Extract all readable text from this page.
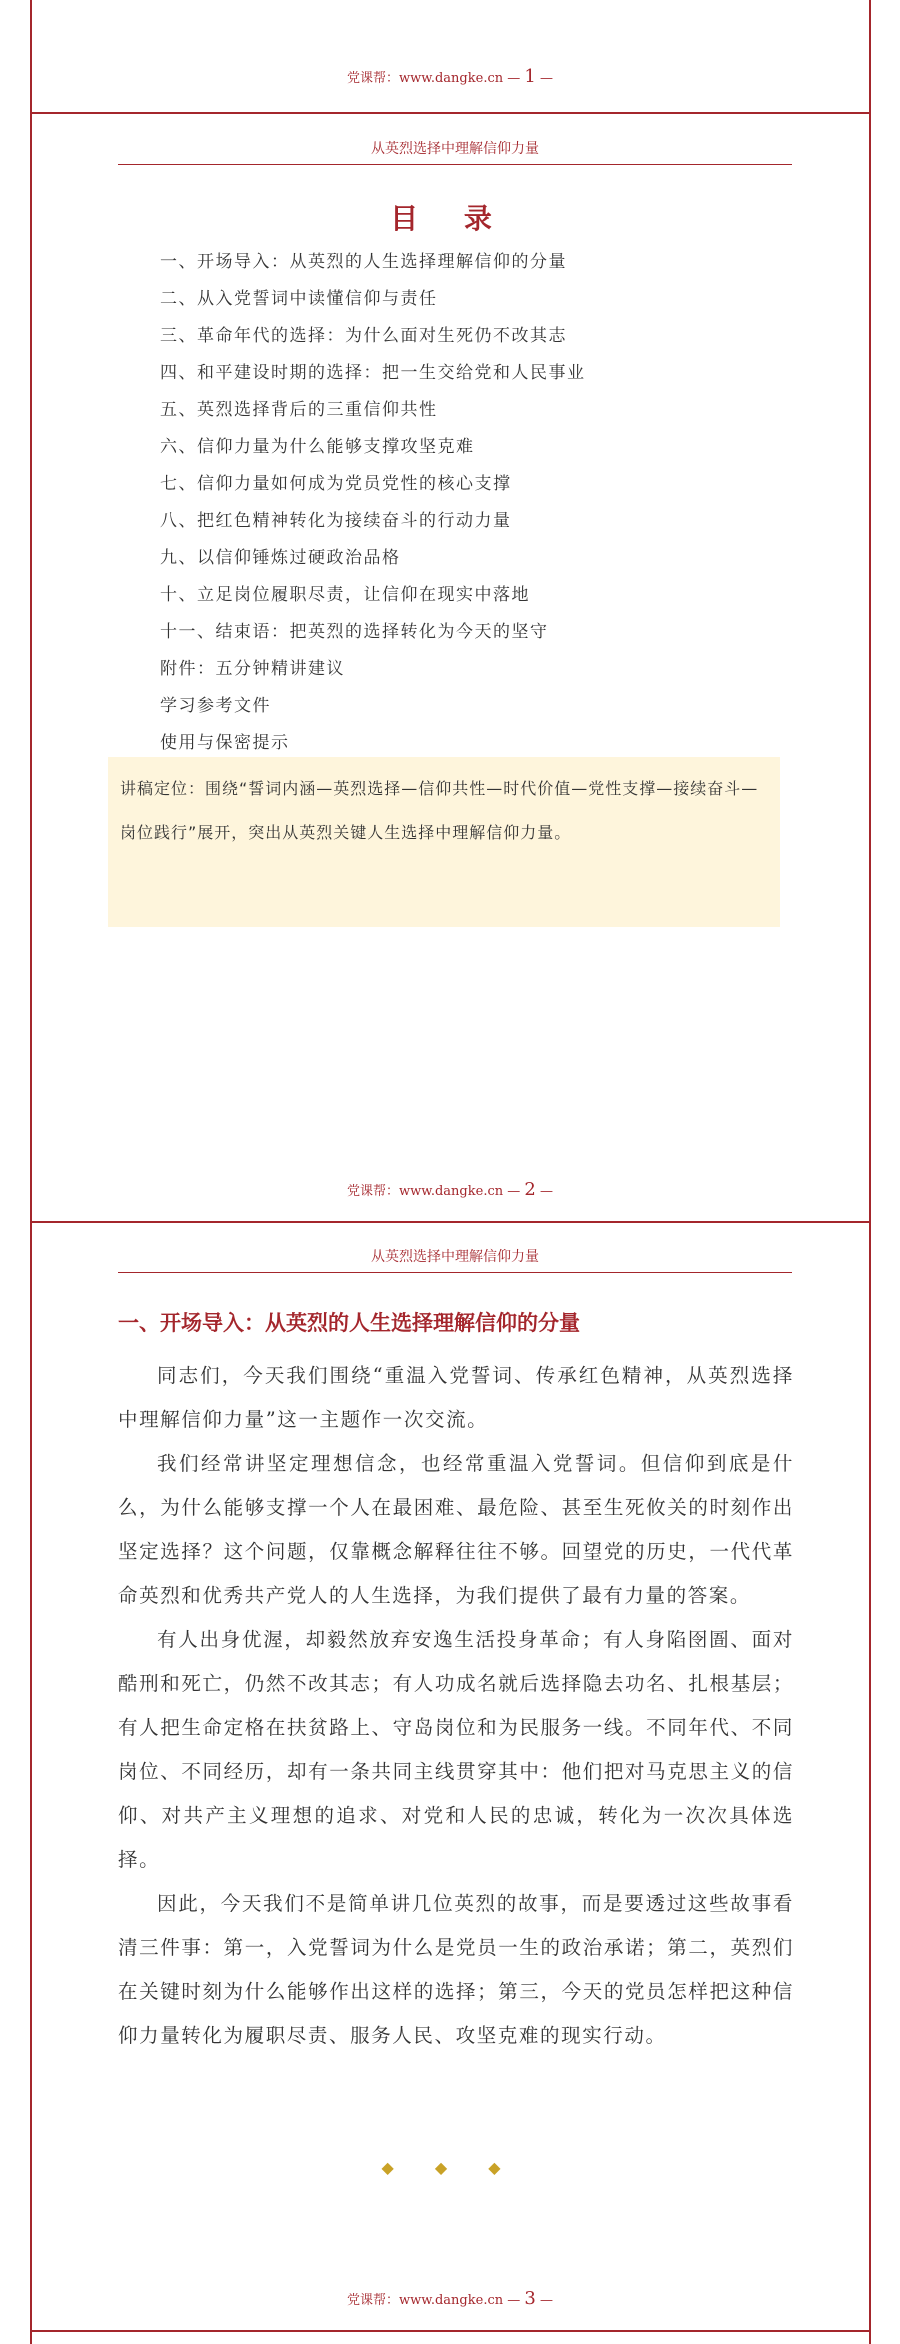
党课帮：www.dangke.cn — 1 —
从英烈选择中理解信仰力量
目 录
一、开场导入：从英烈的人生选择理解信仰的分量
二、从入党誓词中读懂信仰与责任
三、革命年代的选择：为什么面对生死仍不改其志
四、和平建设时期的选择：把一生交给党和人民事业
五、英烈选择背后的三重信仰共性
六、信仰力量为什么能够支撑攻坚克难
七、信仰力量如何成为党员党性的核心支撑
八、把红色精神转化为接续奋斗的行动力量
九、以信仰锤炼过硬政治品格
十、立足岗位履职尽责，让信仰在现实中落地
十一、结束语：把英烈的选择转化为今天的坚守
附件：五分钟精讲建议
学习参考文件
使用与保密提示
讲稿定位：围绕“誓词内涵—英烈选择—信仰共性—时代价值—党性支撑—接续奋斗—岗位践行”展开，突出从英烈关键人生选择中理解信仰力量。
党课帮：www.dangke.cn — 2 —
从英烈选择中理解信仰力量
一、开场导入：从英烈的人生选择理解信仰的分量

同志们，今天我们围绕“重温入党誓词、传承红色精神，从英烈选择中理解信仰力量”这一主题作一次交流。

我们经常讲坚定理想信念，也经常重温入党誓词。但信仰到底是什么，为什么能够支撑一个人在最困难、最危险、甚至生死攸关的时刻作出坚定选择？这个问题，仅靠概念解释往往不够。回望党的历史，一代代革命英烈和优秀共产党人的人生选择，为我们提供了最有力量的答案。

有人出身优渥，却毅然放弃安逸生活投身革命；有人身陷囹圄、面对酷刑和死亡，仍然不改其志；有人功成名就后选择隐去功名、扎根基层；有人把生命定格在扶贫路上、守岛岗位和为民服务一线。不同年代、不同岗位、不同经历，却有一条共同主线贯穿其中：他们把对马克思主义的信仰、对共产主义理想的追求、对党和人民的忠诚，转化为一次次具体选择。

因此，今天我们不是简单讲几位英烈的故事，而是要透过这些故事看清三件事：第一，入党誓词为什么是党员一生的政治承诺；第二，英烈们在关键时刻为什么能够作出这样的选择；第三，今天的党员怎样把这种信仰力量转化为履职尽责、服务人民、攻坚克难的现实行动。

◆ ◆ ◆
党课帮：www.dangke.cn — 3 —
